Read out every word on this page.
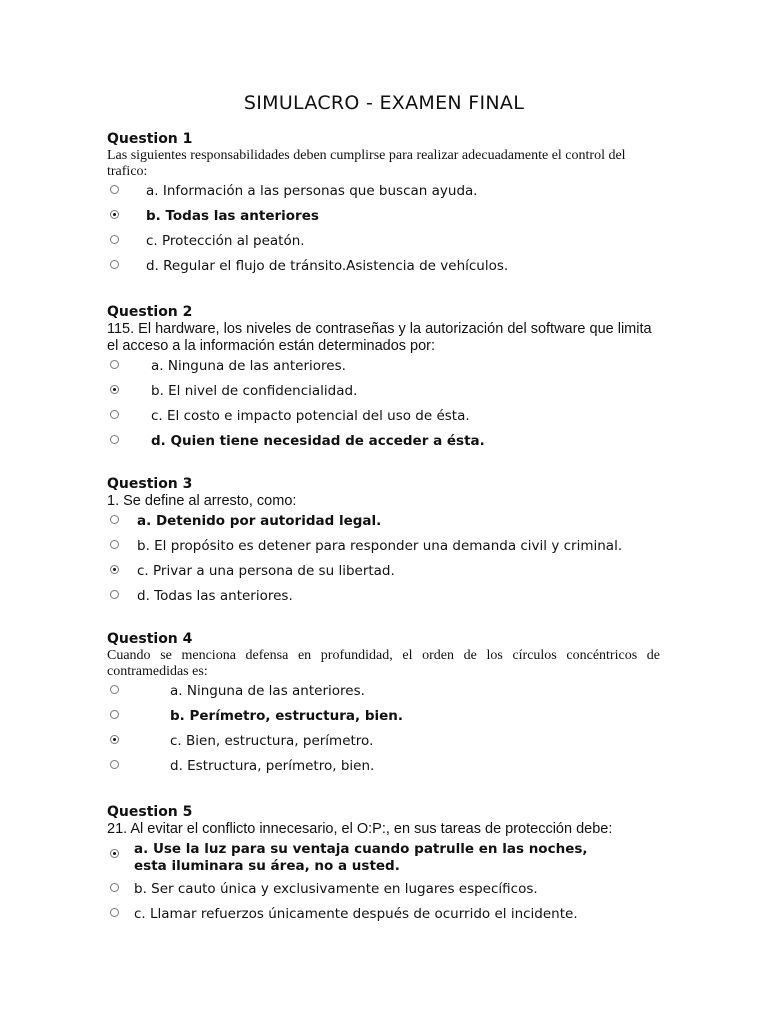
SIMULACRO - EXAMEN FINAL
Question 1
Las siguientes responsabilidades deben cumplirse para realizar adecuadamente el control del trafico:
a. Información a las personas que buscan ayuda.
b. Todas las anteriores
c. Protección al peatón.
d. Regular el flujo de tránsito.Asistencia de vehículos.
Question 2
115. El hardware, los niveles de contraseñas y la autorización del software que limita el acceso a la información están determinados por:
a. Ninguna de las anteriores.
b. El nivel de confidencialidad.
c. El costo e impacto potencial del uso de ésta.
d. Quien tiene necesidad de acceder a ésta.
Question 3
1. Se define al arresto, como:
a. Detenido por autoridad legal.
b. El propósito es detener para responder una demanda civil y criminal.
c. Privar a una persona de su libertad.
d. Todas las anteriores.
Question 4
Cuando se menciona defensa en profundidad, el orden de los círculos concéntricos de contramedidas es:
a. Ninguna de las anteriores.
b. Perímetro, estructura, bien.
c. Bien, estructura, perímetro.
d. Estructura, perímetro, bien.
Question 5
21. Al evitar el conflicto innecesario, el O:P:, en sus tareas de protección debe:
a. Use la luz para su ventaja cuando patrulle en las noches, esta iluminara su área, no a usted.
b. Ser cauto única y exclusivamente en lugares específicos.
c. Llamar refuerzos únicamente después de ocurrido el incidente.
